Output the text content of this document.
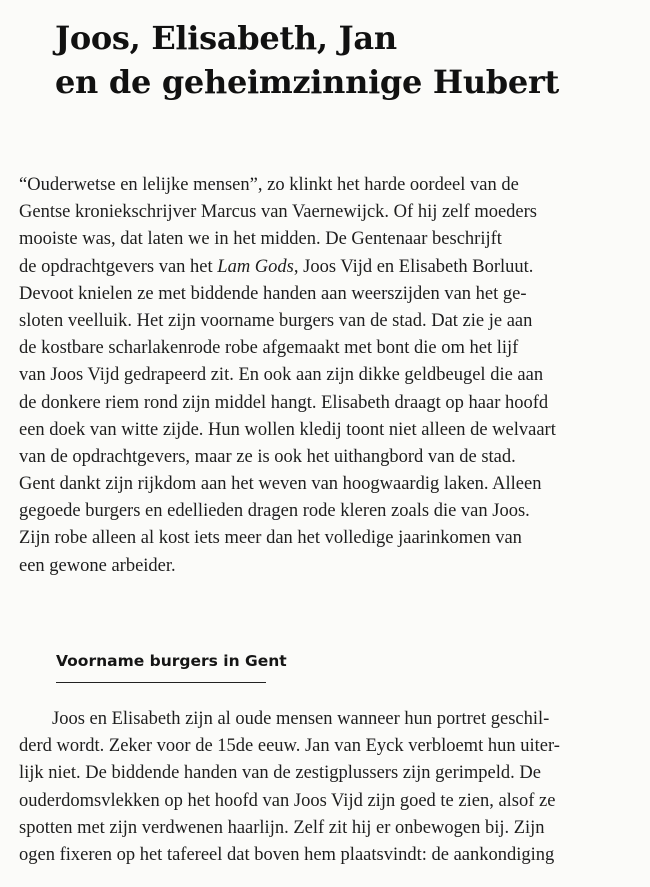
Joos, Elisabeth, Jan
en de geheimzinnige Hubert
“Ouderwetse en lelijke mensen”, zo klinkt het harde oordeel van de
Gentse kroniekschrijver Marcus van Vaernewijck. Of hij zelf moeders
mooiste was, dat laten we in het midden. De Gentenaar beschrijft
de opdrachtgevers van het Lam Gods, Joos Vijd en Elisabeth Borluut.
Devoot knielen ze met biddende handen aan weerszijden van het ge-
sloten veelluik. Het zijn voorname burgers van de stad. Dat zie je aan
de kostbare scharlakenrode robe afgemaakt met bont die om het lijf
van Joos Vijd gedrapeerd zit. En ook aan zijn dikke geldbeugel die aan
de donkere riem rond zijn middel hangt. Elisabeth draagt op haar hoofd
een doek van witte zijde. Hun wollen kledij toont niet alleen de welvaart
van de opdrachtgevers, maar ze is ook het uithangbord van de stad.
Gent dankt zijn rijkdom aan het weven van hoogwaardig laken. Alleen
gegoede burgers en edellieden dragen rode kleren zoals die van Joos.
Zijn robe alleen al kost iets meer dan het volledige jaarinkomen van
een gewone arbeider.
Voorname burgers in Gent
Joos en Elisabeth zijn al oude mensen wanneer hun portret geschil-
derd wordt. Zeker voor de 15de eeuw. Jan van Eyck verbloemt hun uiter-
lijk niet. De biddende handen van de zestigplussers zijn gerimpeld. De
ouderdomsvlekken op het hoofd van Joos Vijd zijn goed te zien, alsof ze
spotten met zijn verdwenen haarlijn. Zelf zit hij er onbewogen bij. Zijn
ogen fixeren op het tafereel dat boven hem plaatsvindt: de aankondiging
